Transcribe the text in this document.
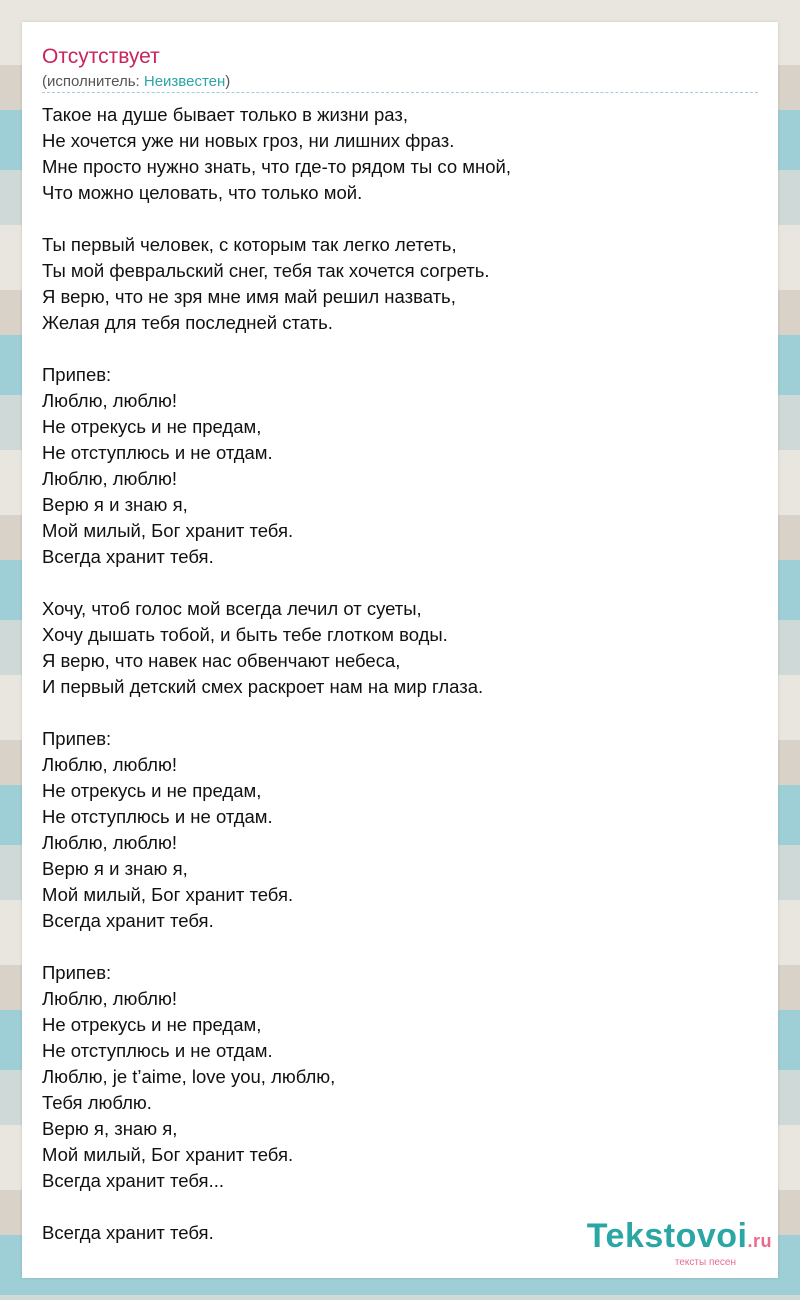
Отсутствует
(исполнитель: Неизвестен)
Такое на душе бывает только в жизни раз,
Не хочется уже ни новых гроз, ни лишних фраз.
Мне просто нужно знать, что где-то рядом ты со мной,
Что можно целовать, что только мой.
Ты первый человек, с которым так легко лететь,
Ты мой февральский снег, тебя так хочется согреть.
Я верю, что не зря мне имя май решил назвать,
Желая для тебя последней стать.
Припев:
Люблю, люблю!
Не отрекусь и не предам,
Не отступлюсь и не отдам.
Люблю, люблю!
Верю я и знаю я,
Мой милый, Бог хранит тебя.
Всегда хранит тебя.
Хочу, чтоб голос мой всегда лечил от суеты,
Хочу дышать тобой, и быть тебе глотком воды.
Я верю, что навек нас обвенчают небеса,
И первый детский смех раскроет нам на мир глаза.
Припев:
Люблю, люблю!
Не отрекусь и не предам,
Не отступлюсь и не отдам.
Люблю, люблю!
Верю я и знаю я,
Мой милый, Бог хранит тебя.
Всегда хранит тебя.
Припев:
Люблю, люблю!
Не отрекусь и не предам,
Не отступлюсь и не отдам.
Люблю, je t’aime, love you, люблю,
Тебя люблю.
Верю я, знаю я,
Мой милый, Бог хранит тебя.
Всегда хранит тебя...
Всегда хранит тебя.	Tekstovoi.ru
тексты песен
